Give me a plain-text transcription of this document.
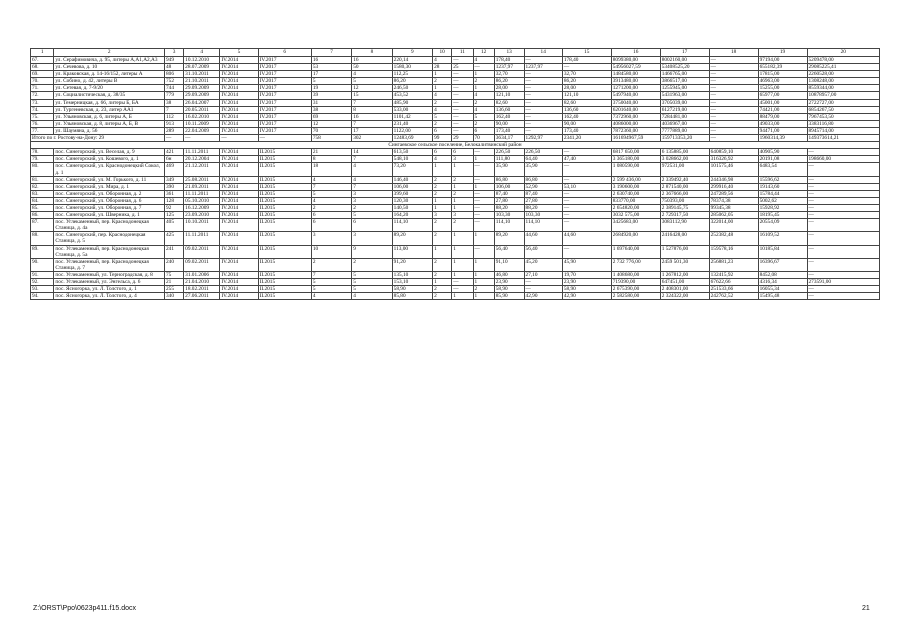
1	2	3	4	5	6	7	8	9	10	11	12	13	14	15	16	17	18	19	20
67.	ул. Серафимовича, д. 95, литеры А,А1,А2,А3	949	10.12.2010	IV.2014	IV.2017	16	16	220,14	4	—	4	178,40	—	178,40	8099380,00	8002160,00	—	97194,00	5209478,00
68.	ул. Сечевова, д. 10	48	28.07.2009	IV.2014	IV.2017	53	50	1580,30	28	25	—	1237,97	1237,97	—	54956027,59	53408525,20	—	655182,39	29085225,41
69.	ул. Краковская, д. 14-16/152, литеры А	806	31.10.2011	IV.2014	IV.2017	17	4	112,25	1	—	1	32,70	—	32,70	1484580,00	1466765,00	—	17815,00	2260528,00
70.	ул. Собино, д. 42, литеры В	752	21.10.2011	IV.2014	IV.2017	5	5	86,20	2	—	2	86,20	—	86,20	3913480,00	3866517,00	—	46963,00	1308248,00
71.	ул. Сетевая, д. 7-9/20	744	29.09.2009	IV.2014	IV.2017	19	12	246,50	1	—	1	28,00	—	28,00	1271200,00	1255945,00	—	15255,00	8559344,00
72.	ул. Социалистическая, д. 38/35	779	29.09.2009	IV.2014	IV.2017	39	15	453,52	4	—	4	121,10	—	121,10	5497940,00	5431963,00	—	65977,00	10878957,00
73.	ул. Темерницкая, д. 66, литеры Б, БА	38	26.04.2007	IV.2014	IV.2017	31	7	485,90	2	—	2	82,60	—	82,60	3750040,00	3705039,00	—	45001,00	2722727,00
74.	ул. Тургеневская, д. 23, литер АА1	7	20.05.2011	IV.2014	IV.2017	38	8	533,00	4	—	4	136,60	—	136,60	6201640,00	6127219,00	—	74421,00	6854267,50
75.	ул. Ульяновская, д. 6, литеры А, Б	112	16.02.2010	IV.2014	IV.2017	69	16	1101,42	5	—	5	162,40	—	162,40	7372960,00	7284481,00	—	88479,00	7967453,50
76.	ул. Ульяновская, д. 8, литеры А, Б, В	913	10.11.2009	IV.2014	IV.2017	12	7	231,40	2	—	2	90,00	—	90,00	4086000,00	4036967,00	—	49033,00	3383116,80
77.	ул. Шаумяна, д. 56	289	22.04.2009	IV.2014	IV.2017	70	17	1122,00	6	—	6	173,40	—	173,40	7872360,00	7777889,00	—	94471,00	8945714,00
Итого по г. Ростову-на-Дону: 29		—	—	—	—	758	302	12483,69	99	29	70	3634,17	1292,97	2341,20	161694967,59	159713353,20	—	1960314,39	149373614,21
Сингаевское сельское поселение, Белокалитвинский район																			
78.	пос. Синегорский, ул. Веселая, д. 9	421	11.11.2011	IV.2014	II.2015	21	14	613,50	6	6	—	226,50	226,50	—	6817 650,00	6 135885,00	640859,10	40905,90	—
79.	пос. Синегорский, ул. Кошевого, д. 1	6н	20.12.2004	IV.2014	II.2015	8	7	548,10	4	3	1	111,80	64,40	47,40	3 365180,00	3 028662,00	316326,92	20191,08	198660,00
80.	пос. Синегорский, ул. Краснодонецкий Сокол, д. 1	469	21.12.2011	IV.2014	II.2015	18	4	73,20	1	1	—	35,90	35,90	—	1 080590,00	972531,00	101575,46	6483,54	—
81.	пос. Синегорский, ул. М. Горького, д. 11	349	25.08.2011	IV.2014	II.2015	4	4	146,40	2	2	—	86,80	86,80	—	2 599 436,00	2 339492,40	244346,98	15596,62	—
82.	пос. Синегорский, ул. Мира, д. 1	390	21.09.2011	IV.2014	II.2015	7	7	106,00	2	1	1	106,00	52,90	53,10	3 190600,00	2 871540,00	299916,40	19143,60	—
83.	пос. Синегорский, ул. Оборонная, д. 2	361	11.11.2011	IV.2014	II.2015	5	3	399,60	2	2	—	87,40	87,40	—	2 630740,00	2 367666,00	247289,56	15784,44	—
84.	пос. Синегорский, ул. Оборонная, д. 6	128	05.10.2010	IV.2014	II.2015	4	3	120,30	1	1	—	27,80	27,80	—	833770,00	750393,00	78374,38	5002,62	—
85.	пос. Синегорский, ул. Оборонная, д. 7	92	16.12.2009	IV.2014	II.2015	2	2	140,50	1	1	—	88,20	88,20	—	2 654820,00	2 389145,75	99345,38	15928,92	—
86.	пос. Синегорский, ул. Шверника, д. 1	125	23.09.2010	IV.2014	II.2015	6	5	164,20	3	3	—	103,30	103,30	—	3032 575,00	2 729317,50	285062,05	18195,45	—
87.	пос. Углекаменный, пер. Краснодонецкая Станица, д. 4а	405	10.10.2011	IV.2014	II.2015	6	6	114,10	2	2	—	114,10	114,10	—	3425683,00	3083112,90	322014,00	20554,09	—
88.	пос. Синегорский, пер. Краснодонецкая Станица, д. 5	425	11.11.2011	IV.2014	II.2015	3	3	89,20	2	1	1	89,20	44,60	44,60	2684920,00	2416428,00	252382,48	16109,52	—
89.	пос. Углекаменный, пер. Краснодонецкая Станица, д. 5а	241	09.02.2011	IV.2014	II.2015	10	9	113,00	1	1	—	56,40	56,40	—	1 697640,00	1 527876,00	159578,16	10185,84	—
90.	пос. Углекаменный, пер. Краснодонецкая Станица, д. 7	240	09.02.2011	IV.2014	II.2015	2	2	91,20	2	1	1	91,10	45,20	45,90	2 732 776,00	2459 501,30	256881,23	16396,67	—
91.	пос. Углекаменный, ул. Терноградская, д. 8	75	31.01.2006	IV.2014	II.2015	7	5	135,10	2	1	1	46,80	27,10	19,70	1 408680,00	1 267812,00	132415,92	8452,08	—
92.	пос. Углекаменный, ул. Энгельса, д. 6	21	21.04.2010	IV.2014	II.2015	5	5	153,10	1	—	1	23,90	—	23,90	719390,00	647451,00	67622,66	4316,34	273591,00
93.	пос. Ясногорка, ул. Л. Толстого, д. 1	255	18.02.2011	IV.2014	II.2015	5	5	58,90	2	—	2	58,90	—	58,90	2 675390,00	2 408301,00	251533,66	16055,34	—
94.	пос. Ясногорка, ул. Л. Толстого, д. 4	340	27.06.2011	IV.2014	II.2015	4	4	85,80	2	1	1	85,90	42,90	42,90	2 582580,00	2 324322,00	242762,52	15495,48	—
Z:\ORST\Ppo\0623p411.f15.docx	21
